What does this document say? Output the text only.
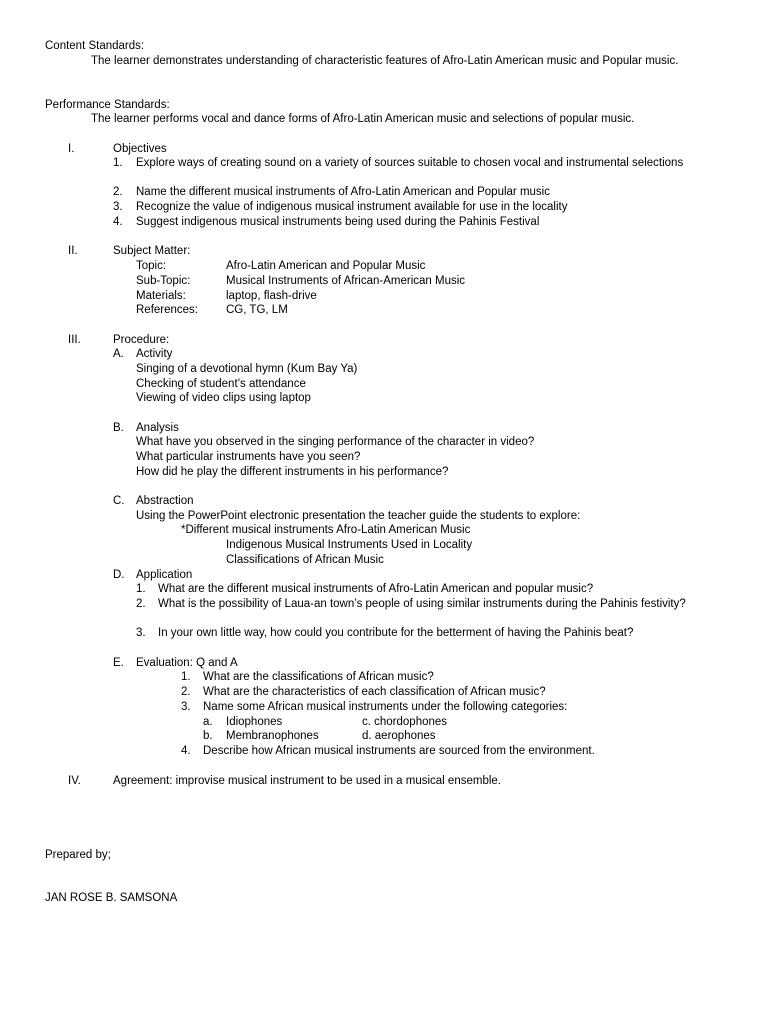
Content Standards:
The learner demonstrates understanding of characteristic features of Afro-Latin American music and Popular music.
Performance Standards:
The learner performs vocal and dance forms of Afro-Latin American music and selections of popular music.
I.	Objectives
1. Explore ways of creating sound on a variety of sources suitable to chosen vocal and instrumental selections
2. Name the different musical instruments of Afro-Latin American and Popular music
3. Recognize the value of indigenous musical instrument available for use in the locality
4. Suggest indigenous musical instruments being used during the Pahinis Festival
II.	Subject Matter:
Topic:	Afro-Latin American and Popular Music
Sub-Topic:	Musical Instruments of African-American Music
Materials:	laptop, flash-drive
References: CG, TG, LM
III.	Procedure:
A. Activity
Singing of a devotional hymn (Kum Bay Ya)
Checking of student’s attendance
Viewing of video clips using laptop
B. Analysis
What have you observed in the singing performance of the character in video?
What particular instruments have you seen?
How did he play the different instruments in his performance?
C. Abstraction
Using the PowerPoint electronic presentation the teacher guide the students to explore:
*Different musical instruments Afro-Latin American Music
Indigenous Musical Instruments Used in Locality
Classifications of African Music
D. Application
1. What are the different musical instruments of Afro-Latin American and popular music?
2. What is the possibility of Laua-an town’s people of using similar instruments during the Pahinis festivity?
3. In your own little way, how could you contribute for the betterment of having the Pahinis beat?
E. Evaluation: Q and A
1. What are the classifications of African music?
2. What are the characteristics of each classification of African music?
3. Name some African musical instruments under the following categories:
a. Idiophones	c. chordophones
b. Membranophones	d. aerophones
4. Describe how African musical instruments are sourced from the environment.
IV.	Agreement: improvise musical instrument to be used in a musical ensemble.
Prepared by;
JAN ROSE B. SAMSONA
